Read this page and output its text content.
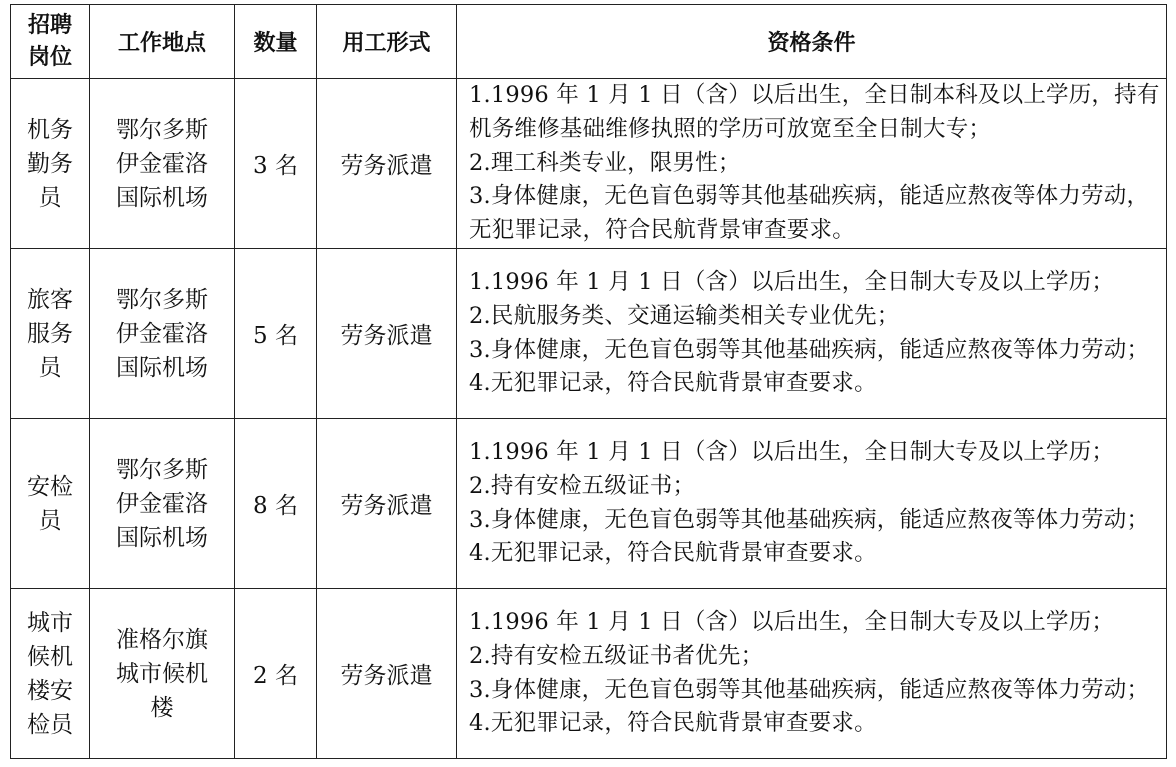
招聘岗位	工作地点	数量	用工形式	资格条件

机务勤务员	鄂尔多斯伊金霍洛国际机场	3 名	劳务派遣	1.1996 年 1 月 1 日（含）以后出生，全日制本科及以上学历，持有机务维修基础维修执照的学历可放宽至全日制大专；
2.理工科类专业，限男性；
3.身体健康，无色盲色弱等其他基础疾病，能适应熬夜等体力劳动，无犯罪记录，符合民航背景审查要求。

旅客服务员	鄂尔多斯伊金霍洛国际机场	5 名	劳务派遣	1.1996 年 1 月 1 日（含）以后出生，全日制大专及以上学历；
2.民航服务类、交通运输类相关专业优先；
3.身体健康，无色盲色弱等其他基础疾病，能适应熬夜等体力劳动；
4.无犯罪记录，符合民航背景审查要求。

安检员	鄂尔多斯伊金霍洛国际机场	8 名	劳务派遣	1.1996 年 1 月 1 日（含）以后出生，全日制大专及以上学历；
2.持有安检五级证书；
3.身体健康，无色盲色弱等其他基础疾病，能适应熬夜等体力劳动；
4.无犯罪记录，符合民航背景审查要求。

城市候机楼安检员	准格尔旗城市候机楼	2 名	劳务派遣	1.1996 年 1 月 1 日（含）以后出生，全日制大专及以上学历；
2.持有安检五级证书者优先；
3.身体健康，无色盲色弱等其他基础疾病，能适应熬夜等体力劳动；
4.无犯罪记录，符合民航背景审查要求。
